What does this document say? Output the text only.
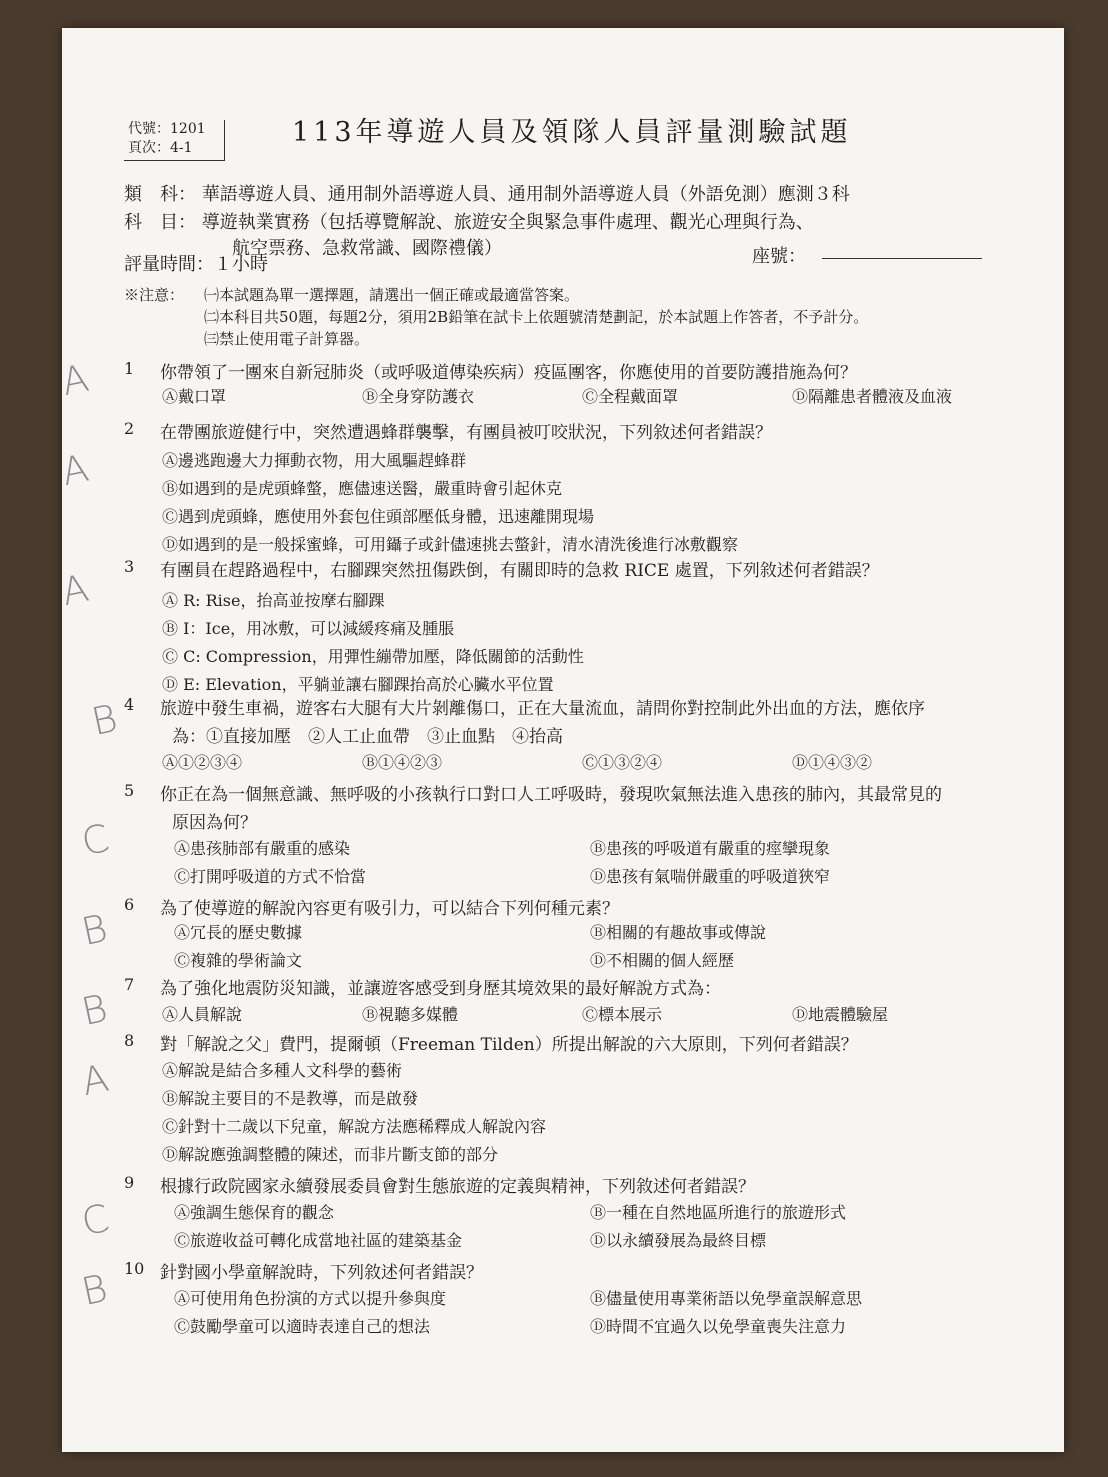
代號：1201
頁次：4-1	113年導遊人員及領隊人員評量測驗試題
類　科： 華語導遊人員、通用制外語導遊人員、通用制外語導遊人員（外語免測）應測３科
科　目： 導遊執業實務（包括導覽解說、旅遊安全與緊急事件處理、觀光心理與行為、
航空票務、急救常識、國際禮儀）
評量時間：１小時	座號：
※注意： ㈠本試題為單一選擇題，請選出一個正確或最適當答案。
㈡本科目共50題，每題2分，須用2B鉛筆在試卡上依題號清楚劃記，於本試題上作答者，不予計分。
㈢禁止使用電子計算器。
1 你帶領了一團來自新冠肺炎（或呼吸道傳染疾病）疫區團客，你應使用的首要防護措施為何？
Ⓐ戴口罩	Ⓑ全身穿防護衣	Ⓒ全程戴面罩	Ⓓ隔離患者體液及血液
A
2 在帶團旅遊健行中，突然遭遇蜂群襲擊，有團員被叮咬狀況，下列敘述何者錯誤？
Ⓐ邊逃跑邊大力揮動衣物，用大風驅趕蜂群
Ⓑ如遇到的是虎頭蜂螫，應儘速送醫，嚴重時會引起休克
Ⓒ遇到虎頭蜂，應使用外套包住頭部壓低身體，迅速離開現場
Ⓓ如遇到的是一般採蜜蜂，可用鑷子或針儘速挑去螫針，清水清洗後進行冰敷觀察
A
3 有團員在趕路過程中，右腳踝突然扭傷跌倒，有關即時的急救 RICE 處置，下列敘述何者錯誤？
Ⓐ R: Rise，抬高並按摩右腳踝
Ⓑ I：Ice，用冰敷，可以減緩疼痛及腫脹
Ⓒ C: Compression，用彈性繃帶加壓，降低關節的活動性
Ⓓ E: Elevation，平躺並讓右腳踝抬高於心臟水平位置
A
4 旅遊中發生車禍，遊客右大腿有大片剝離傷口，正在大量流血，請問你對控制此外出血的方法，應依序
為：①直接加壓　②人工止血帶　③止血點　④抬高
Ⓐ①②③④	Ⓑ①④②③	Ⓒ①③②④	Ⓓ①④③②
B
5 你正在為一個無意識、無呼吸的小孩執行口對口人工呼吸時，發現吹氣無法進入患孩的肺內，其最常見的
原因為何？
Ⓐ患孩肺部有嚴重的感染	Ⓑ患孩的呼吸道有嚴重的痙攣現象
Ⓒ打開呼吸道的方式不恰當	Ⓓ患孩有氣喘併嚴重的呼吸道狹窄
C
6 為了使導遊的解說內容更有吸引力，可以結合下列何種元素？
Ⓐ冗長的歷史數據	Ⓑ相關的有趣故事或傳說
Ⓒ複雜的學術論文	Ⓓ不相關的個人經歷
B
7 為了強化地震防災知識，並讓遊客感受到身歷其境效果的最好解說方式為：
Ⓐ人員解說	Ⓑ視聽多媒體	Ⓒ標本展示	Ⓓ地震體驗屋
B
8 對「解說之父」費門，提爾頓（Freeman Tilden）所提出解說的六大原則，下列何者錯誤？
Ⓐ解說是結合多種人文科學的藝術
Ⓑ解說主要目的不是教導，而是啟發
Ⓒ針對十二歲以下兒童，解說方法應稀釋成人解說內容
Ⓓ解說應強調整體的陳述，而非片斷支節的部分
A
9 根據行政院國家永續發展委員會對生態旅遊的定義與精神，下列敘述何者錯誤？
Ⓐ強調生態保育的觀念	Ⓑ一種在自然地區所進行的旅遊形式
Ⓒ旅遊收益可轉化成當地社區的建築基金	Ⓓ以永續發展為最終目標
C
10 針對國小學童解說時，下列敘述何者錯誤？
Ⓐ可使用角色扮演的方式以提升參與度	Ⓑ儘量使用專業術語以免學童誤解意思
Ⓒ鼓勵學童可以適時表達自己的想法	Ⓓ時間不宜過久以免學童喪失注意力
B
